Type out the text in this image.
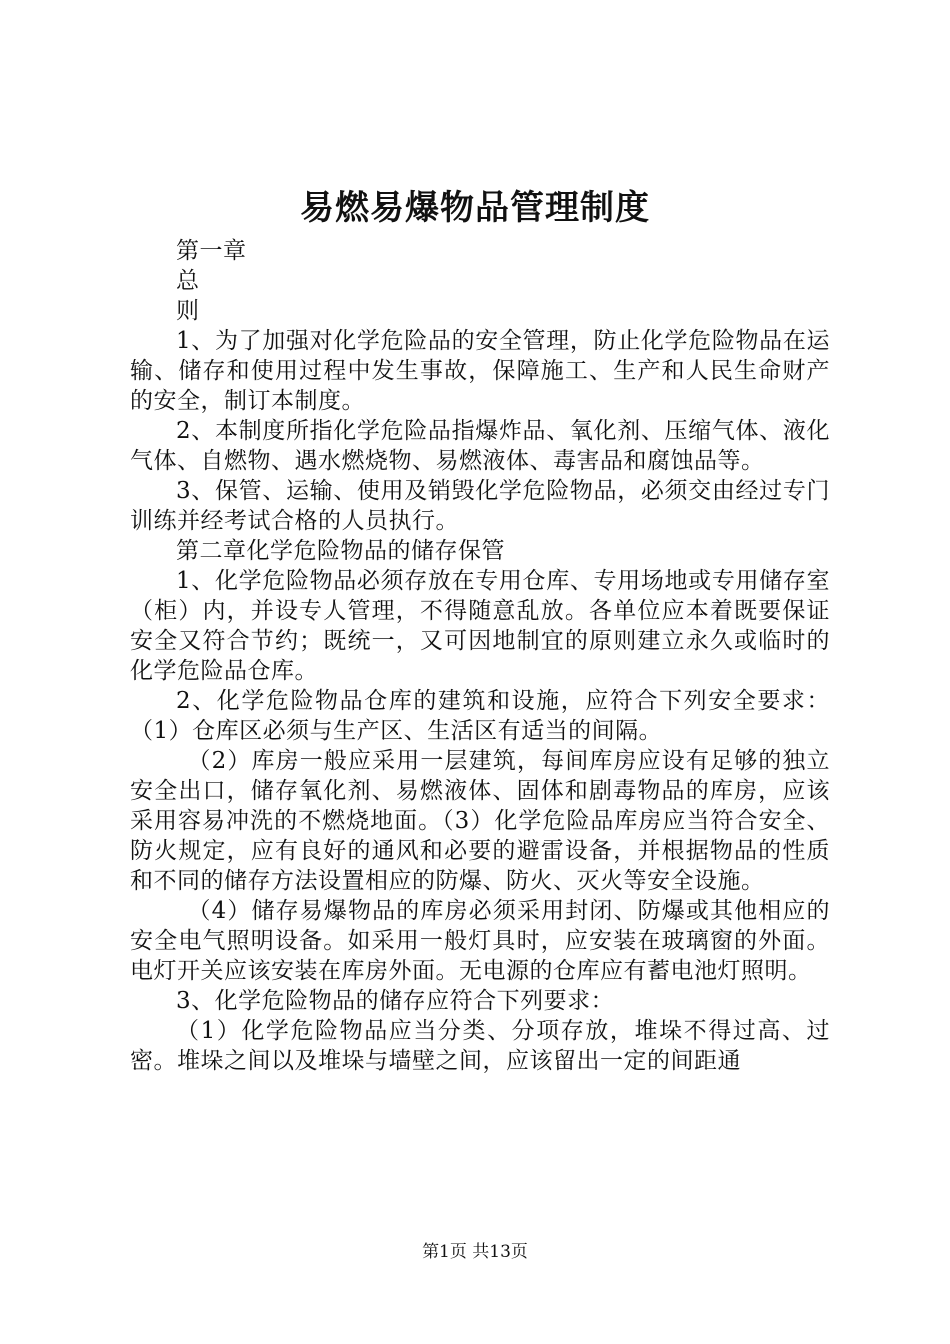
易燃易爆物品管理制度

第一章

总

则

1、为了加强对化学危险品的安全管理，防止化学危险物品在运输、储存和使用过程中发生事故，保障施工、生产和人民生命财产的安全，制订本制度。

2、本制度所指化学危险品指爆炸品、氧化剂、压缩气体、液化气体、自燃物、遇水燃烧物、易燃液体、毒害品和腐蚀品等。

3、保管、运输、使用及销毁化学危险物品，必须交由经过专门训练并经考试合格的人员执行。

第二章化学危险物品的储存保管

1、化学危险物品必须存放在专用仓库、专用场地或专用储存室（柜）内，并设专人管理，不得随意乱放。各单位应本着既要保证安全又符合节约；既统一，又可因地制宜的原则建立永久或临时的化学危险品仓库。

2、化学危险物品仓库的建筑和设施，应符合下列安全要求：（1）仓库区必须与生产区、生活区有适当的间隔。

（2）库房一般应采用一层建筑，每间库房应设有足够的独立安全出口，储存氧化剂、易燃液体、固体和剧毒物品的库房，应该采用容易冲洗的不燃烧地面。（3）化学危险品库房应当符合安全、防火规定，应有良好的通风和必要的避雷设备，并根据物品的性质和不同的储存方法设置相应的防爆、防火、灭火等安全设施。

（4）储存易爆物品的库房必须采用封闭、防爆或其他相应的安全电气照明设备。如采用一般灯具时，应安装在玻璃窗的外面。电灯开关应该安装在库房外面。无电源的仓库应有蓄电池灯照明。

3、化学危险物品的储存应符合下列要求：

（1）化学危险物品应当分类、分项存放，堆垛不得过高、过密。堆垛之间以及堆垛与墙壁之间，应该留出一定的间距通

第1页 共13页
